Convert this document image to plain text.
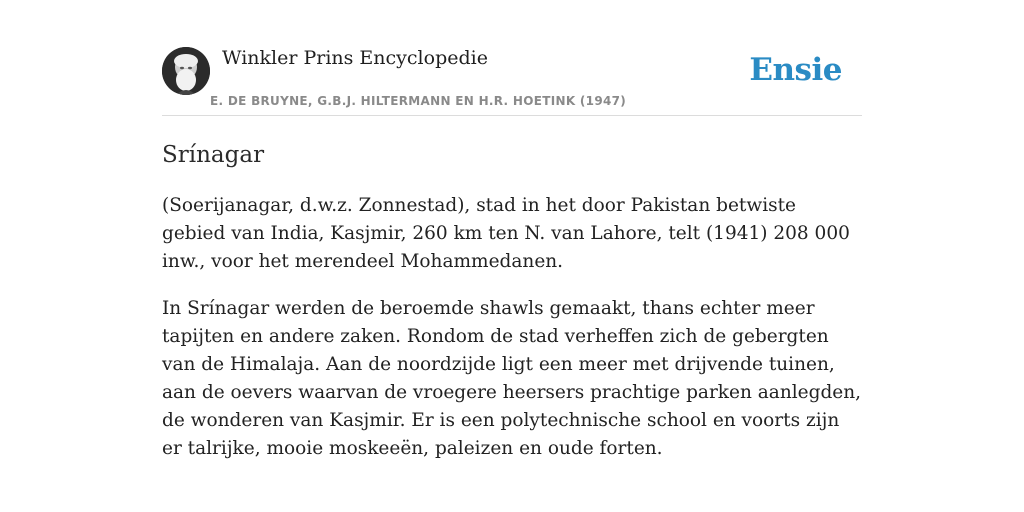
Winkler Prins Encyclopedie
E. DE BRUYNE, G.B.J. HILTERMANN EN H.R. HOETINK (1947)
Ensie
Srínagar

(Soerijanagar, d.w.z. Zonnestad), stad in het door Pakistan betwiste gebied van India, Kasjmir, 260 km ten N. van Lahore, telt (1941) 208 000 inw., voor het merendeel Mohammedanen.

In Srínagar werden de beroemde shawls gemaakt, thans echter meer tapijten en andere zaken. Rondom de stad verheffen zich de gebergten van de Himalaja. Aan de noordzijde ligt een meer met drijvende tuinen, aan de oevers waarvan de vroegere heersers prachtige parken aanlegden, de wonderen van Kasjmir. Er is een polytechnische school en voorts zijn er talrijke, mooie moskeeën, paleizen en oude forten.
